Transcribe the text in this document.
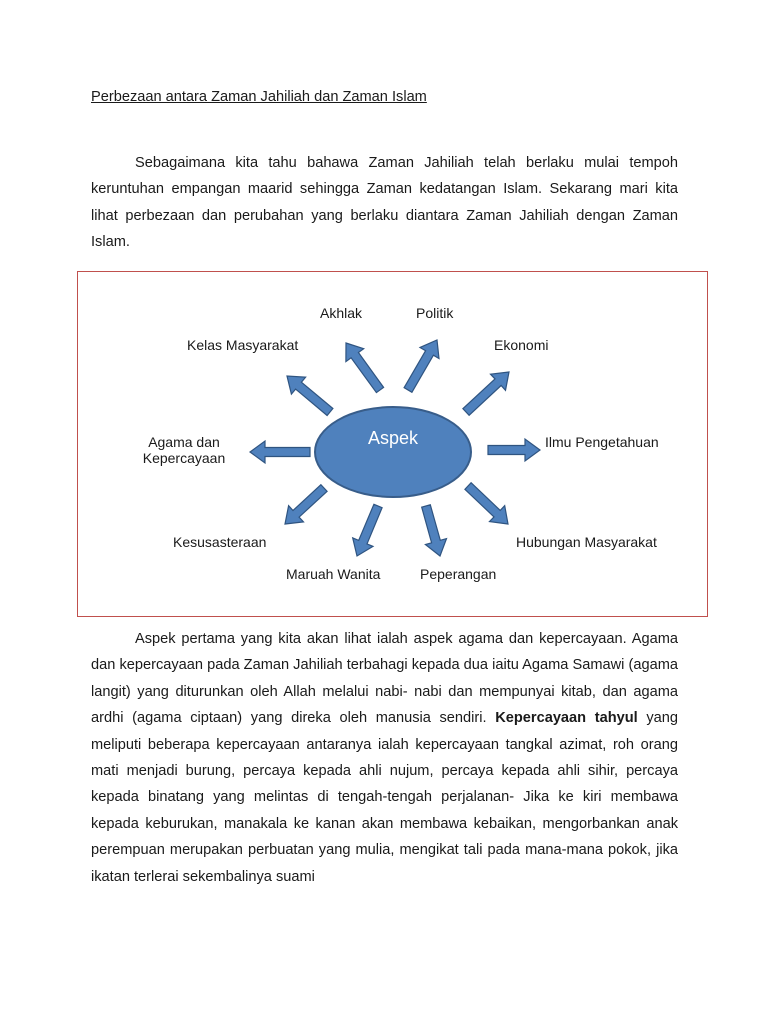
Perbezaan antara Zaman Jahiliah dan Zaman Islam

Sebagaimana kita tahu bahawa Zaman Jahiliah telah berlaku mulai tempoh keruntuhan empangan maarid sehingga Zaman kedatangan Islam. Sekarang mari kita lihat perbezaan dan perubahan yang berlaku diantara Zaman Jahiliah dengan Zaman Islam.

Aspek
Akhlak	Politik
Kelas Masyarakat	Ekonomi
Agama dan
Kepercayaan
Ilmu Pengetahuan
Kesusasteraan	Hubungan Masyarakat
Maruah Wanita	Peperangan

Aspek pertama yang kita akan lihat ialah aspek agama dan kepercayaan. Agama dan kepercayaan pada Zaman Jahiliah terbahagi kepada dua iaitu Agama Samawi (agama langit) yang diturunkan oleh Allah melalui nabi- nabi dan mempunyai kitab, dan agama ardhi (agama ciptaan) yang direka oleh manusia sendiri. Kepercayaan tahyul yang meliputi beberapa kepercayaan antaranya ialah kepercayaan tangkal azimat, roh orang mati menjadi burung, percaya kepada ahli nujum, percaya kepada ahli sihir, percaya kepada binatang yang melintas di tengah-tengah perjalanan- Jika ke kiri membawa kepada keburukan, manakala ke kanan akan membawa kebaikan, mengorbankan anak perempuan merupakan perbuatan yang mulia, mengikat tali pada mana-mana pokok, jika ikatan terlerai sekembalinya suami
